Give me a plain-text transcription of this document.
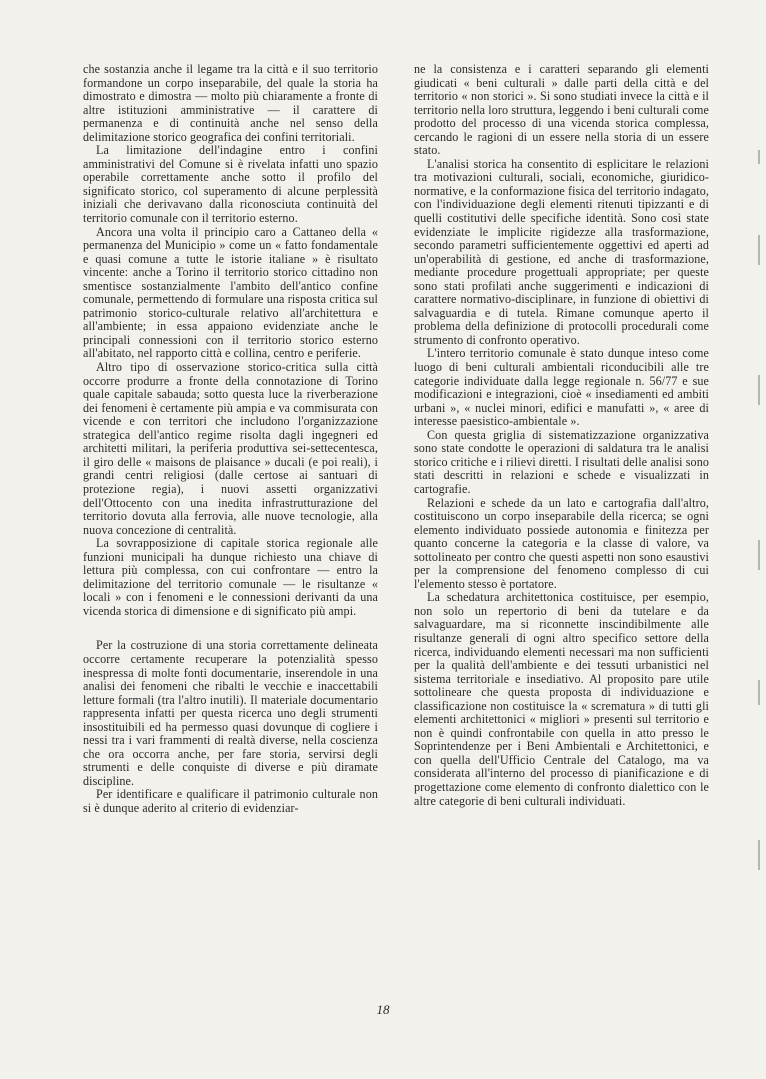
che sostanzia anche il legame tra la città e il suo territorio formandone un corpo inseparabile, del quale la storia ha dimostrato e dimostra — molto più chiaramente a fronte di altre istituzioni amministrative — il carattere di permanenza e di continuità anche nel senso della delimitazione storico geografica dei confini territoriali.

La limitazione dell'indagine entro i confini amministrativi del Comune si è rivelata infatti uno spazio operabile correttamente anche sotto il profilo del significato storico, col superamento di alcune perplessità iniziali che derivavano dalla riconosciuta continuità del territorio comunale con il territorio esterno.

Ancora una volta il principio caro a Cattaneo della « permanenza del Municipio » come un « fatto fondamentale e quasi comune a tutte le istorie italiane » è risultato vincente: anche a Torino il territorio storico cittadino non smentisce sostanzialmente l'ambito dell'antico confine comunale, permettendo di formulare una risposta critica sul patrimonio storico-culturale relativo all'architettura e all'ambiente; in essa appaiono evidenziate anche le principali connessioni con il territorio storico esterno all'abitato, nel rapporto città e collina, centro e periferie.

Altro tipo di osservazione storico-critica sulla città occorre produrre a fronte della connotazione di Torino quale capitale sabauda; sotto questa luce la riverberazione dei fenomeni è certamente più ampia e va commisurata con vicende e con territori che includono l'organizzazione strategica dell'antico regime risolta dagli ingegneri ed architetti militari, la periferia produttiva sei-settecentesca, il giro delle « maisons de plaisance » ducali (e poi reali), i grandi centri religiosi (dalle certose ai santuari di protezione regia), i nuovi assetti organizzativi dell'Ottocento con una inedita infrastrutturazione del territorio dovuta alla ferrovia, alle nuove tecnologie, alla nuova concezione di centralità.

La sovrapposizione di capitale storica regionale alle funzioni municipali ha dunque richiesto una chiave di lettura più complessa, con cui confrontare — entro la delimitazione del territorio comunale — le risultanze « locali » con i fenomeni e le connessioni derivanti da una vicenda storica di dimensione e di significato più ampi.

Per la costruzione di una storia correttamente delineata occorre certamente recuperare la potenzialità spesso inespressa di molte fonti documentarie, inserendole in una analisi dei fenomeni che ribalti le vecchie e inaccettabili letture formali (tra l'altro inutili). Il materiale documentario rappresenta infatti per questa ricerca uno degli strumenti insostituibili ed ha permesso quasi dovunque di cogliere i nessi tra i vari frammenti di realtà diverse, nella coscienza che ora occorra anche, per fare storia, servirsi degli strumenti e delle conquiste di diverse e più diramate discipline.

Per identificare e qualificare il patrimonio culturale non si è dunque aderito al criterio di evidenziar-

ne la consistenza e i caratteri separando gli elementi giudicati « beni culturali » dalle parti della città e del territorio « non storici ». Si sono studiati invece la città e il territorio nella loro struttura, leggendo i beni culturali come prodotto del processo di una vicenda storica complessa, cercando le ragioni di un essere nella storia di un essere stato.

L'analisi storica ha consentito di esplicitare le relazioni tra motivazioni culturali, sociali, economiche, giuridico-normative, e la conformazione fisica del territorio indagato, con l'individuazione degli elementi ritenuti tipizzanti e di quelli costitutivi delle specifiche identità. Sono così state evidenziate le implicite rigidezze alla trasformazione, secondo parametri sufficientemente oggettivi ed aperti ad un'operabilità di gestione, ed anche di trasformazione, mediante procedure progettuali appropriate; per queste sono stati profilati anche suggerimenti e indicazioni di carattere normativo-disciplinare, in funzione di obiettivi di salvaguardia e di tutela. Rimane comunque aperto il problema della definizione di protocolli procedurali come strumento di confronto operativo.

L'intero territorio comunale è stato dunque inteso come luogo di beni culturali ambientali riconducibili alle tre categorie individuate dalla legge regionale n. 56/77 e sue modificazioni e integrazioni, cioè « insediamenti ed ambiti urbani », « nuclei minori, edifici e manufatti », « aree di interesse paesistico-ambientale ».

Con questa griglia di sistematizzazione organizzativa sono state condotte le operazioni di saldatura tra le analisi storico critiche e i rilievi diretti. I risultati delle analisi sono stati descritti in relazioni e schede e visualizzati in cartografie.

Relazioni e schede da un lato e cartografia dall'altro, costituiscono un corpo inseparabile della ricerca; se ogni elemento individuato possiede autonomia e finitezza per quanto concerne la categoria e la classe di valore, va sottolineato per contro che questi aspetti non sono esaustivi per la comprensione del fenomeno complesso di cui l'elemento stesso è portatore.

La schedatura architettonica costituisce, per esempio, non solo un repertorio di beni da tutelare e da salvaguardare, ma si riconnette inscindibilmente alle risultanze generali di ogni altro specifico settore della ricerca, individuando elementi necessari ma non sufficienti per la qualità dell'ambiente e dei tessuti urbanistici nel sistema territoriale e insediativo. Al proposito pare utile sottolineare che questa proposta di individuazione e classificazione non costituisce la « scrematura » di tutti gli elementi architettonici « migliori » presenti sul territorio e non è quindi confrontabile con quella in atto presso le Soprintendenze per i Beni Ambientali e Architettonici, e con quella dell'Ufficio Centrale del Catalogo, ma va considerata all'interno del processo di pianificazione e di progettazione come elemento di confronto dialettico con le altre categorie di beni culturali individuati.

18
